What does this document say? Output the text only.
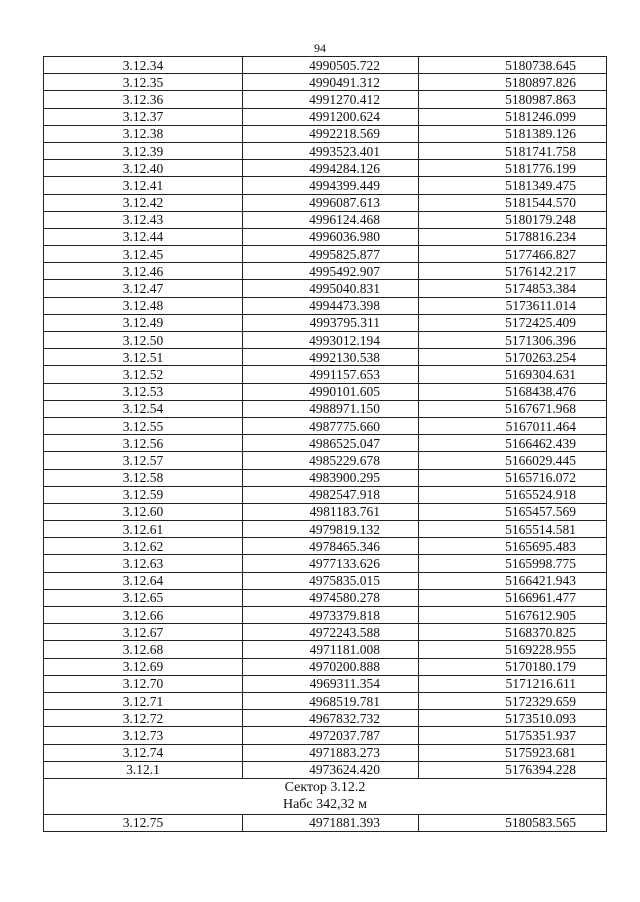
94
3.12.34	4990505.722	5180738.645
3.12.35	4990491.312	5180897.826
3.12.36	4991270.412	5180987.863
3.12.37	4991200.624	5181246.099
3.12.38	4992218.569	5181389.126
3.12.39	4993523.401	5181741.758
3.12.40	4994284.126	5181776.199
3.12.41	4994399.449	5181349.475
3.12.42	4996087.613	5181544.570
3.12.43	4996124.468	5180179.248
3.12.44	4996036.980	5178816.234
3.12.45	4995825.877	5177466.827
3.12.46	4995492.907	5176142.217
3.12.47	4995040.831	5174853.384
3.12.48	4994473.398	5173611.014
3.12.49	4993795.311	5172425.409
3.12.50	4993012.194	5171306.396
3.12.51	4992130.538	5170263.254
3.12.52	4991157.653	5169304.631
3.12.53	4990101.605	5168438.476
3.12.54	4988971.150	5167671.968
3.12.55	4987775.660	5167011.464
3.12.56	4986525.047	5166462.439
3.12.57	4985229.678	5166029.445
3.12.58	4983900.295	5165716.072
3.12.59	4982547.918	5165524.918
3.12.60	4981183.761	5165457.569
3.12.61	4979819.132	5165514.581
3.12.62	4978465.346	5165695.483
3.12.63	4977133.626	5165998.775
3.12.64	4975835.015	5166421.943
3.12.65	4974580.278	5166961.477
3.12.66	4973379.818	5167612.905
3.12.67	4972243.588	5168370.825
3.12.68	4971181.008	5169228.955
3.12.69	4970200.888	5170180.179
3.12.70	4969311.354	5171216.611
3.12.71	4968519.781	5172329.659
3.12.72	4967832.732	5173510.093
3.12.73	4972037.787	5175351.937
3.12.74	4971883.273	5175923.681
3.12.1	4973624.420	5176394.228

Сектор 3.12.2
Набс 342,32 м		

3.12.75	4971881.393	5180583.565
